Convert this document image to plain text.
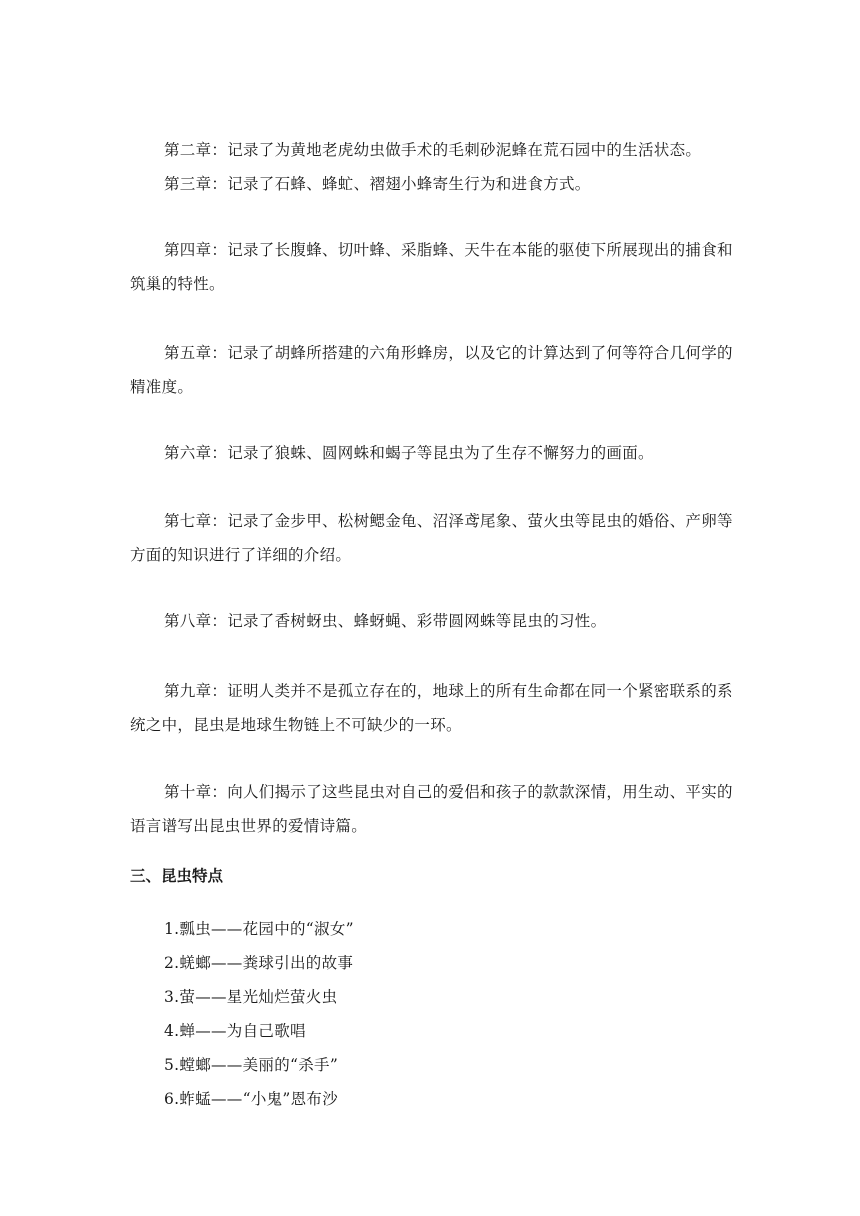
第二章：记录了为黄地老虎幼虫做手术的毛刺砂泥蜂在荒石园中的生活状态。

第三章：记录了石蜂、蜂虻、褶翅小蜂寄生行为和进食方式。

第四章：记录了长腹蜂、切叶蜂、采脂蜂、天牛在本能的驱使下所展现出的捕食和筑巢的特性。

第五章：记录了胡蜂所搭建的六角形蜂房，以及它的计算达到了何等符合几何学的精准度。

第六章：记录了狼蛛、圆网蛛和蝎子等昆虫为了生存不懈努力的画面。

第七章：记录了金步甲、松树鳃金龟、沼泽鸢尾象、萤火虫等昆虫的婚俗、产卵等方面的知识进行了详细的介绍。

第八章：记录了香树蚜虫、蜂蚜蝇、彩带圆网蛛等昆虫的习性。

第九章：证明人类并不是孤立存在的，地球上的所有生命都在同一个紧密联系的系统之中，昆虫是地球生物链上不可缺少的一环。

第十章：向人们揭示了这些昆虫对自己的爱侣和孩子的款款深情，用生动、平实的语言谱写出昆虫世界的爱情诗篇。

三、昆虫特点
1.瓢虫——花园中的“淑女”
2.蜣螂——粪球引出的故事
3.萤——星光灿烂萤火虫
4.蝉——为自己歌唱
5.螳螂——美丽的“杀手”
6.蚱蜢——“小鬼”恩布沙
